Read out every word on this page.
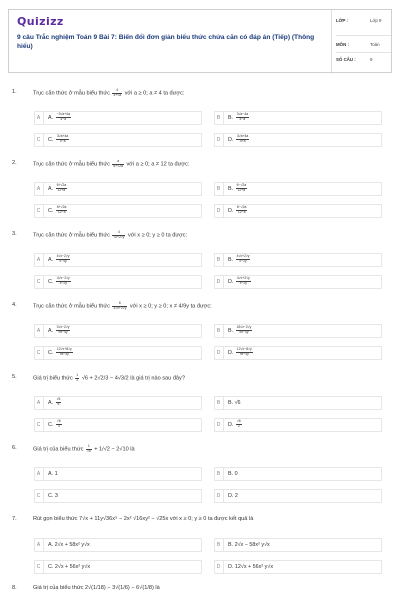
Quizizz
9 câu Trắc nghiệm Toán 9 Bài 7: Biến đổi đơn giản biểu thức chứa căn có đáp án (Tiếp) (Thông hiểu)
LỚP :	Lớp 9
MÔN :	Toán
SỐ CÂU :	9
1.	Trục căn thức ở mẫu biểu thức $\frac{4}{3+√a}$ với a ≥ 0; a ≠ 4 ta được:
A	A. $\frac{-3√a+4a}{4-a}$	B	B. $\frac{3√a-4a}{4-a}$
C	C. $\frac{3√a+4a}{4-a}$	D	D. $\frac{3√a+4a}{4+a}$
2.	Trục căn thức ở mẫu biểu thức $\frac{a}{6+√2a}$ với a ≥ 0; a ≠ 12 ta được:
A	A. $\frac{6+√2a}{12+a}$	B	B. $\frac{6-√2a}{12+a}$
C	C. $\frac{6+√2a}{12-a}$	D	D. $\frac{6-√2a}{12-a}$
3.	Trục căn thức ở mẫu biểu thức $\frac{4}{√x+2√y}$ với x ≥ 0; y ≥ 0 ta được:
A	A. $\frac{4√x-2√y}{x-4y}$	B	B. $\frac{4√x+2√y}{x-2y}$
C	C. $\frac{4√x-2√y}{x-2y}$	D	D. $\frac{4√x+2√y}{x-2y}$
4.	Trục căn thức ở mẫu biểu thức $\frac{6}{3√x+2√y}$ với x ≥ 0; y ≥ 0; x ≠ 4/9y ta được:
A	A. $\frac{3√x-2√y}{9x-4y}$	B	B. $\frac{18√x-2√y}{9x-4y}$
C	C. $\frac{12√x+8√y}{9x-4y}$	D	D. $\frac{12√x-8√y}{9x-4y}$
5.	Giá trị biểu thức $\frac{1}{2} √6 + 2√2/3 - 4√3/2$ là giá trị nào sau đây?
A	A. $\frac{√6}{6}$	B	B. √6
C	C. $\frac{√6}{3}$	D	D. $\frac{√6}{2}$
6.	Giá trị của biểu thức $\frac{1}{√5} + 1/√2 - 2√10$ là
A	A. 1	B	B. 0
C	C. 3	D	D. 2
7.	Rút gọn biểu thức 7√x + 11y√36x⁵ − 2x² √16xy² − √25x với x ≥ 0; y ≥ 0 ta được kết quả là
A	A. 2√x + 58x² y√x	B	B. 2√x − 58x² y√x
C	C. 2√x + 56x² y√x	D	D. 12√x + 56x² y√x
8.	Giá trị của biểu thức 2√(1/18) − 3√(1/6) − 6√(1/8) là
